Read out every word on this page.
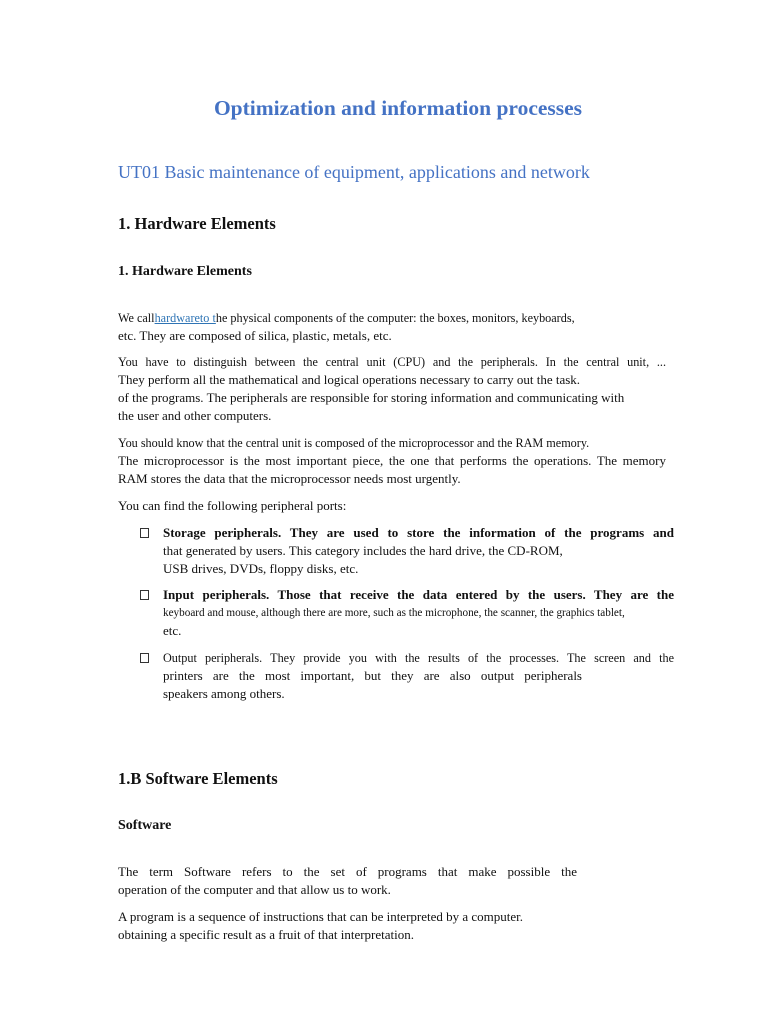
Optimization and information processes
UT01 Basic maintenance of equipment, applications and network
1. Hardware Elements
1. Hardware Elements
We callhardwareto the physical components of the computer: the boxes, monitors, keyboards,
etc. They are composed of silica, plastic, metals, etc.
You have to distinguish between the central unit (CPU) and the peripherals. In the central unit, ...
They perform all the mathematical and logical operations necessary to carry out the task.
of the programs. The peripherals are responsible for storing information and communicating with
the user and other computers.
You should know that the central unit is composed of the microprocessor and the RAM memory.
The microprocessor is the most important piece, the one that performs the operations. The memory
RAM stores the data that the microprocessor needs most urgently.
You can find the following peripheral ports:
Storage peripherals. They are used to store the information of the programs and
that generated by users. This category includes the hard drive, the CD-ROM,
USB drives, DVDs, floppy disks, etc.
Input peripherals. Those that receive the data entered by the users. They are the
keyboard and mouse, although there are more, such as the microphone, the scanner, the graphics tablet,
etc.
Output peripherals. They provide you with the results of the processes. The screen and the
printers are the most important, but they are also output peripherals
speakers among others.
1.B Software Elements
Software
The term Software refers to the set of programs that make possible the
operation of the computer and that allow us to work.
A program is a sequence of instructions that can be interpreted by a computer.
obtaining a specific result as a fruit of that interpretation.
